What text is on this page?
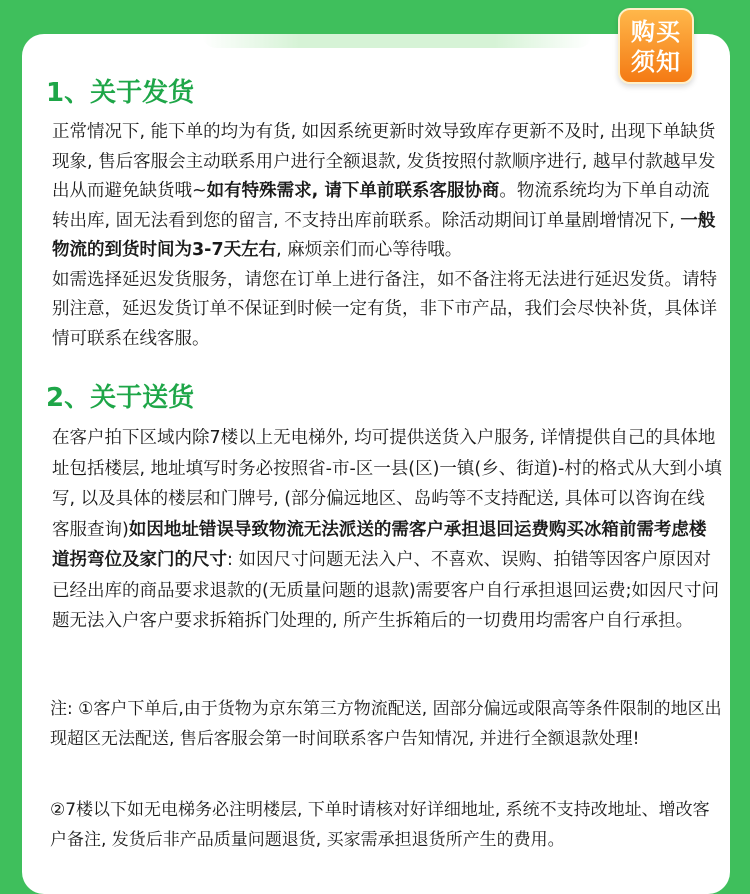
购买
须知
1、关于发货
正常情况下, 能下单的均为有货, 如因系统更新时效导致库存更新不及时, 出现下单缺货现象, 售后客服会主动联系用户进行全额退款, 发货按照付款顺序进行, 越早付款越早发出从而避免缺货哦~如有特殊需求, 请下单前联系客服协商。物流系统均为下单自动流转出库, 固无法看到您的留言, 不支持出库前联系。除活动期间订单量剧增情况下, 一般物流的到货时间为3-7天左右, 麻烦亲们而心等待哦。
如需选择延迟发货服务，请您在订单上进行备注，如不备注将无法进行延迟发货。请特别注意，延迟发货订单不保证到时候一定有货，非下市产品，我们会尽快补货，具体详情可联系在线客服。
2、关于送货
在客户拍下区域内除7楼以上无电梯外, 均可提供送货入户服务, 详情提供自己的具体地址包括楼层, 地址填写时务必按照省-市-区一县(区)一镇(乡、街道)-村的格式从大到小填写, 以及具体的楼层和门牌号, (部分偏远地区、岛屿等不支持配送, 具体可以咨询在线客服查询)如因地址错误导致物流无法派送的需客户承担退回运费购买冰箱前需考虑楼道拐弯位及家门的尺寸: 如因尺寸问题无法入户、不喜欢、误购、拍错等因客户原因对已经出库的商品要求退款的(无质量问题的退款)需要客户自行承担退回运费;如因尺寸问题无法入户客户要求拆箱拆门处理的, 所产生拆箱后的一切费用均需客户自行承担。
注: ①客户下单后,由于货物为京东第三方物流配送, 固部分偏远或限高等条件限制的地区出现超区无法配送, 售后客服会第一时间联系客户告知情况, 并进行全额退款处理!
②7楼以下如无电梯务必注明楼层, 下单时请核对好详细地址, 系统不支持改地址、增改客户备注, 发货后非产品质量问题退货, 买家需承担退货所产生的费用。
